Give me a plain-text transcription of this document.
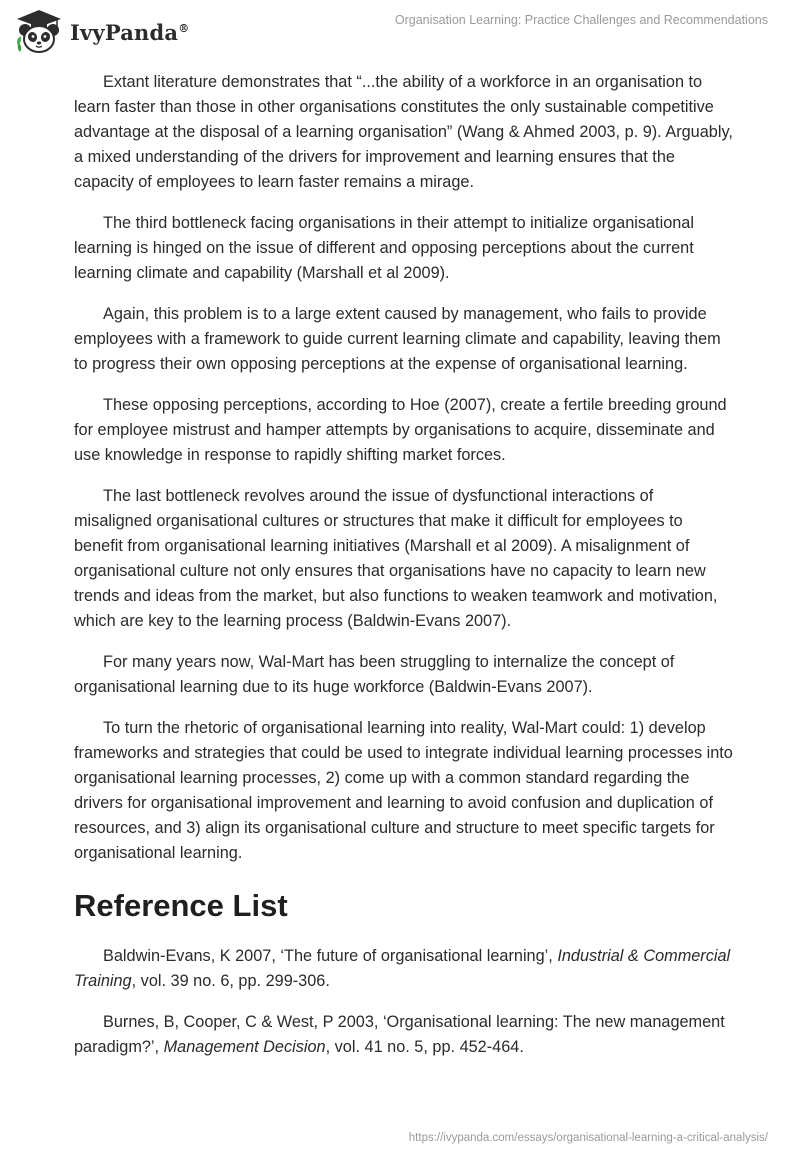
IvyPanda®
Organisation Learning: Practice Challenges and Recommendations

Extant literature demonstrates that “...the ability of a workforce in an organisation to learn faster than those in other organisations constitutes the only sustainable competitive advantage at the disposal of a learning organisation” (Wang & Ahmed 2003, p. 9). Arguably, a mixed understanding of the drivers for improvement and learning ensures that the capacity of employees to learn faster remains a mirage.

The third bottleneck facing organisations in their attempt to initialize organisational learning is hinged on the issue of different and opposing perceptions about the current learning climate and capability (Marshall et al 2009).

Again, this problem is to a large extent caused by management, who fails to provide employees with a framework to guide current learning climate and capability, leaving them to progress their own opposing perceptions at the expense of organisational learning.

These opposing perceptions, according to Hoe (2007), create a fertile breeding ground for employee mistrust and hamper attempts by organisations to acquire, disseminate and use knowledge in response to rapidly shifting market forces.

The last bottleneck revolves around the issue of dysfunctional interactions of misaligned organisational cultures or structures that make it difficult for employees to benefit from organisational learning initiatives (Marshall et al 2009). A misalignment of organisational culture not only ensures that organisations have no capacity to learn new trends and ideas from the market, but also functions to weaken teamwork and motivation, which are key to the learning process (Baldwin-Evans 2007).

For many years now, Wal-Mart has been struggling to internalize the concept of organisational learning due to its huge workforce (Baldwin-Evans 2007).

To turn the rhetoric of organisational learning into reality, Wal-Mart could: 1) develop frameworks and strategies that could be used to integrate individual learning processes into organisational learning processes, 2) come up with a common standard regarding the drivers for organisational improvement and learning to avoid confusion and duplication of resources, and 3) align its organisational culture and structure to meet specific targets for organisational learning.

Reference List

Baldwin-Evans, K 2007, ‘The future of organisational learning’, Industrial & Commercial Training, vol. 39 no. 6, pp. 299-306.

Burnes, B, Cooper, C & West, P 2003, ‘Organisational learning: The new management paradigm?’, Management Decision, vol. 41 no. 5, pp. 452-464.

https://ivypanda.com/essays/organisational-learning-a-critical-analysis/
